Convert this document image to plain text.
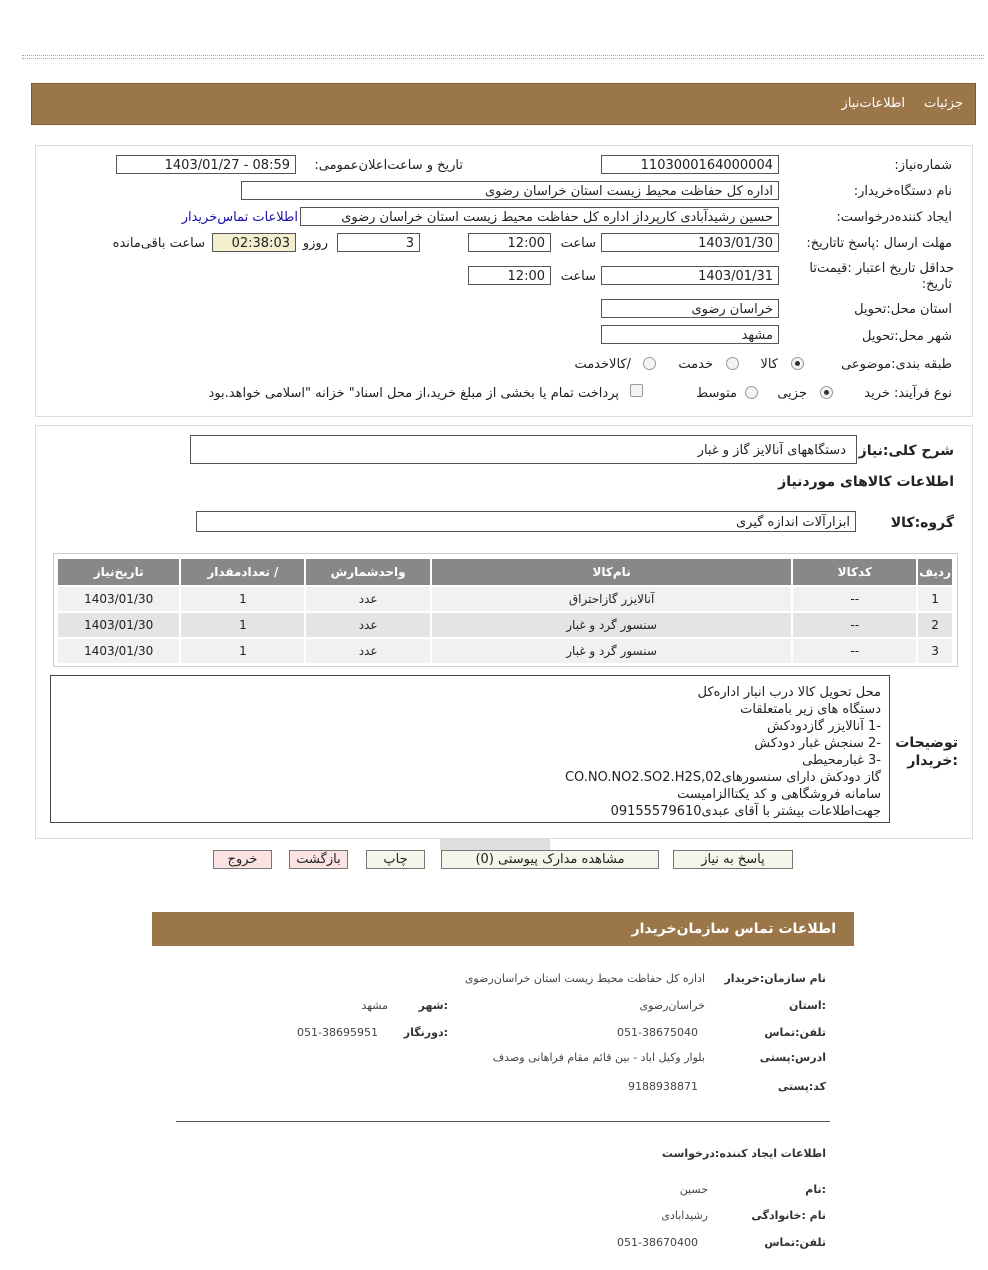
جزئیات
اطلاعات‌نیاز
شماره‌نیاز:
1103000164000004
تاریخ و ساعت‌اعلان‌عمومی:
1403/01/27 - 08:59
نام دستگاه‌خریدار:
اداره کل حفاظت محیط زیست استان خراسان رضوی
ایجاد کننده‌درخواست:
حسین رشیدآبادی کارپرداز اداره کل حفاظت محیط زیست استان خراسان رضوی
اطلاعات تماس‌خریدار
مهلت ارسال :پاسخ تا‌تاریخ:
1403/01/30
ساعت
12:00
3
روزو
02:38:03
ساعت باقی‌مانده
حداقل تاریخ اعتبار :قیمت‌تا
تاریخ:
1403/01/31
ساعت
12:00
استان محل:تحویل
خراسان رضوی
شهر محل:تحویل
مشهد
طبقه بندی:موضوعی
کالا
خدمت
/کالاخدمت
نوع فرآیند: خرید
جزیی
متوسط
پرداخت تمام یا بخشی از مبلغ خرید،از محل اسناد" خزانه "اسلامی خواهد.بود
شرح کلی:نیاز
دستگا‌ههای آنالایز گاز و غبار
اطلاعات کالاهای مورد‌نیاز
گروه:کالا
ابزارآلات اندازه گیری
ردیف	کدکالا	نام‌کالا	واحد‌شمارش	/ تعداد‌مقدار	تاریخ‌نیاز
1	--	آنالایزر گازاحتراق	عدد	1	1403/01/30
2	--	سنسور گرد و غبار	عدد	1	1403/01/30
3	--	سنسور گرد و غبار	عدد	1	1403/01/30
توضیحات
:خریدار
محل تحویل کالا درب انبار اداره‌کل
دستگاه های زیر با‌متعلقات
-1 آنالایزر گازدودکش
-2 سنجش غبار دودکش
-3 غبار‌محیطی
گاز دودکش دارای سنسورهای02,CO.NO.NO2.SO2.H2S
سامانه فروشگاهی و کد یکتاالزامیست
جهت‌اطلاعات بیشتر با آقای عبدی09155579610
پاسخ به نیاز
مشاهده مدارک پیوستی (0)
چاپ
بازگشت
خروج
اطلاعات تماس سازمان‌خریدار
نام سازمان:خریدار
اداره کل حفاظت محیط زیست استان خراسان‌رضوی
:استان
خراسان‌رضوی
:شهر
مشهد
تلفن:تماس
051-38675040
:دورنگار
051-38695951
ادرس:پستی
بلوار وکیل اباد - بین قائم مقام فراهانی وصدف
کد:پستی
9188938871
اطلاعات ایجاد کننده:درخواست
:نام
حسین
نام :خانوادگی
رشیدابادی
تلفن:تماس
051-38670400
